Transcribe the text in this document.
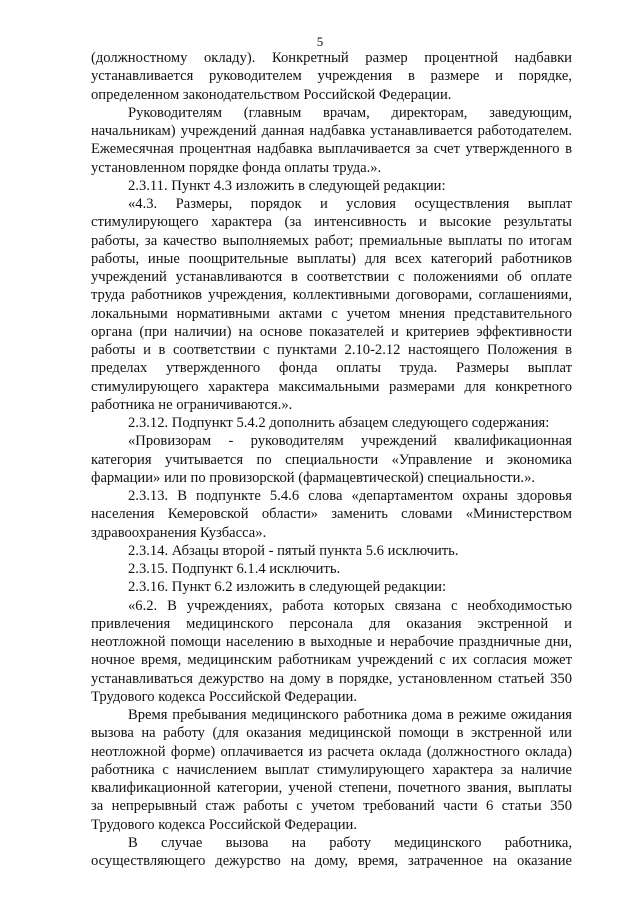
5
(должностному окладу). Конкретный размер процентной надбавки
устанавливается руководителем учреждения в размере и порядке,
определенном законодательством Российской Федерации.
Руководителям (главным врачам, директорам, заведующим,
начальникам) учреждений данная надбавка устанавливается работодателем.
Ежемесячная процентная надбавка выплачивается за счет утвержденного в
установленном порядке фонда оплаты труда.».
2.3.11. Пункт 4.3 изложить в следующей редакции:
«4.3. Размеры, порядок и условия осуществления выплат
стимулирующего характера (за интенсивность и высокие результаты
работы, за качество выполняемых работ; премиальные выплаты по итогам
работы, иные поощрительные выплаты) для всех категорий работников
учреждений устанавливаются в соответствии с положениями об оплате
труда работников учреждения, коллективными договорами, соглашениями,
локальными нормативными актами с учетом мнения представительного
органа (при наличии) на основе показателей и критериев эффективности
работы и в соответствии с пунктами 2.10-2.12 настоящего Положения в
пределах утвержденного фонда оплаты труда. Размеры выплат
стимулирующего характера максимальными размерами для конкретного
работника не ограничиваются.».
2.3.12. Подпункт 5.4.2 дополнить абзацем следующего содержания:
«Провизорам - руководителям учреждений квалификационная
категория учитывается по специальности «Управление и экономика
фармации» или по провизорской (фармацевтической) специальности.».
2.3.13. В подпункте 5.4.6 слова «департаментом охраны здоровья
населения Кемеровской области» заменить словами «Министерством
здравоохранения Кузбасса».
2.3.14. Абзацы второй - пятый пункта 5.6 исключить.
2.3.15. Подпункт 6.1.4 исключить.
2.3.16. Пункт 6.2 изложить в следующей редакции:
«6.2. В учреждениях, работа которых связана с необходимостью
привлечения медицинского персонала для оказания экстренной и
неотложной помощи населению в выходные и нерабочие праздничные дни,
ночное время, медицинским работникам учреждений с их согласия может
устанавливаться дежурство на дому в порядке, установленном статьей 350
Трудового кодекса Российской Федерации.
Время пребывания медицинского работника дома в режиме ожидания
вызова на работу (для оказания медицинской помощи в экстренной или
неотложной форме) оплачивается из расчета оклада (должностного оклада)
работника с начислением выплат стимулирующего характера за наличие
квалификационной категории, ученой степени, почетного звания, выплаты
за непрерывный стаж работы с учетом требований части 6 статьи 350
Трудового кодекса Российской Федерации.
В случае вызова на работу медицинского работника,
осуществляющего дежурство на дому, время, затраченное на оказание
